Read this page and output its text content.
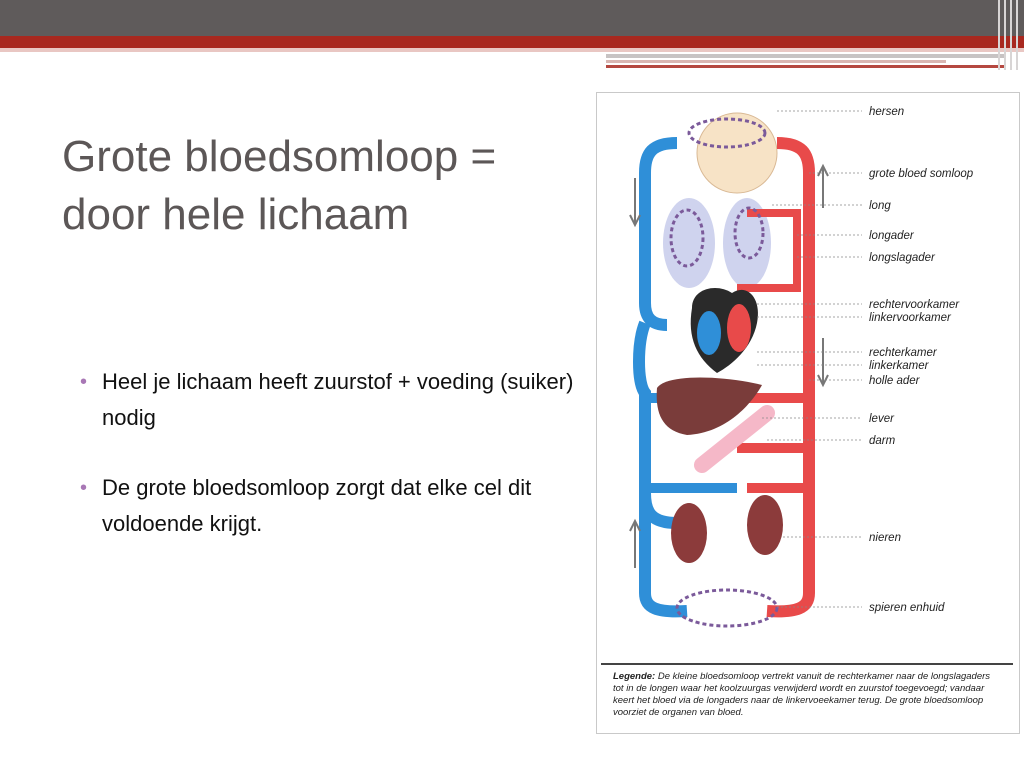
Grote bloedsomloop =
door hele lichaam
• Heel je lichaam heeft zuurstof + voeding (suiker) nodig
• De grote bloedsomloop zorgt dat elke cel dit voldoende krijgt.
hersen
grote bloed somloop
long
longader
longslagader
rechtervoorkamer
linkervoorkamer
rechterkamer
linkerkamer
holle ader
lever
darm
nieren
spieren enhuid
Legende: De kleine bloedsomloop vertrekt vanuit de rechterkamer naar de longslagaders tot in de longen waar het koolzuurgas verwijderd wordt en zuurstof toegevoegd; vandaar keert het bloed via de longaders naar de linkervoeekamer terug. De grote bloedsomloop voorziet de organen van bloed.
